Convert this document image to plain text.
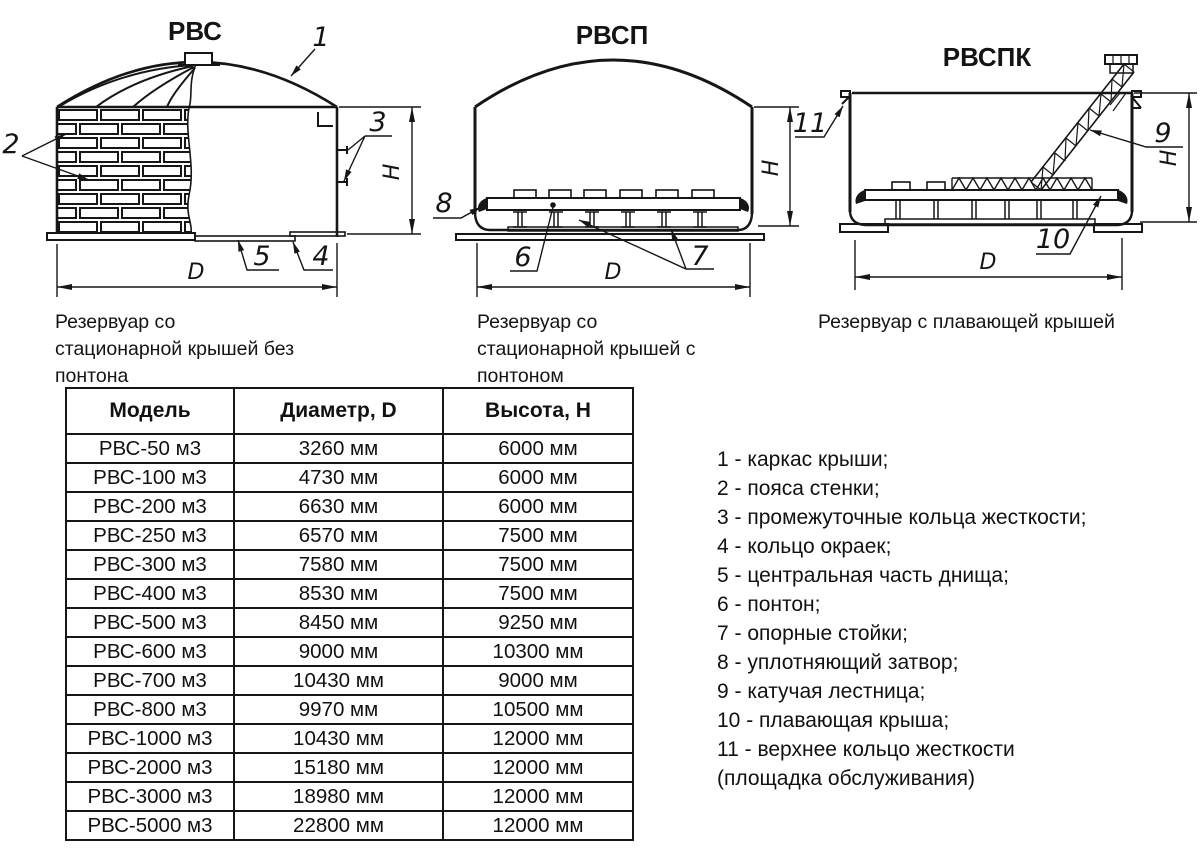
РВС
D
H
1
2
3
5 4
РВСП
D
H
8
6	7
РВСПК
D
H
11	9
10
Резервуар со стационарной крышей без понтона
Резервуар со стационарной крышей с понтоном
Резервуар с плавающей крышей
Модель	Диаметр, D	Высота, H
РВС-50 м3	3260 мм	6000 мм
РВС-100 м3	4730 мм	6000 мм
РВС-200 м3	6630 мм	6000 мм
РВС-250 м3	6570 мм	7500 мм
РВС-300 м3	7580 мм	7500 мм
РВС-400 м3	8530 мм	7500 мм
РВС-500 м3	8450 мм	9250 мм
РВС-600 м3	9000 мм	10300 мм
РВС-700 м3	10430 мм	9000 мм
РВС-800 м3	9970 мм	10500 мм
РВС-1000 м3	10430 мм	12000 мм
РВС-2000 м3	15180 мм	12000 мм
РВС-3000 м3	18980 мм	12000 мм
РВС-5000 м3	22800 мм	12000 мм
1 - каркас крыши;
2 - пояса стенки;
3 - промежуточные кольца жесткости;
4 - кольцо окраек;
5 - центральная часть днища;
6 - понтон;
7 - опорные стойки;
8 - уплотняющий затвор;
9 - катучая лестница;
10 - плавающая крыша;
11 - верхнее кольцо жесткости
(площадка обслуживания)
